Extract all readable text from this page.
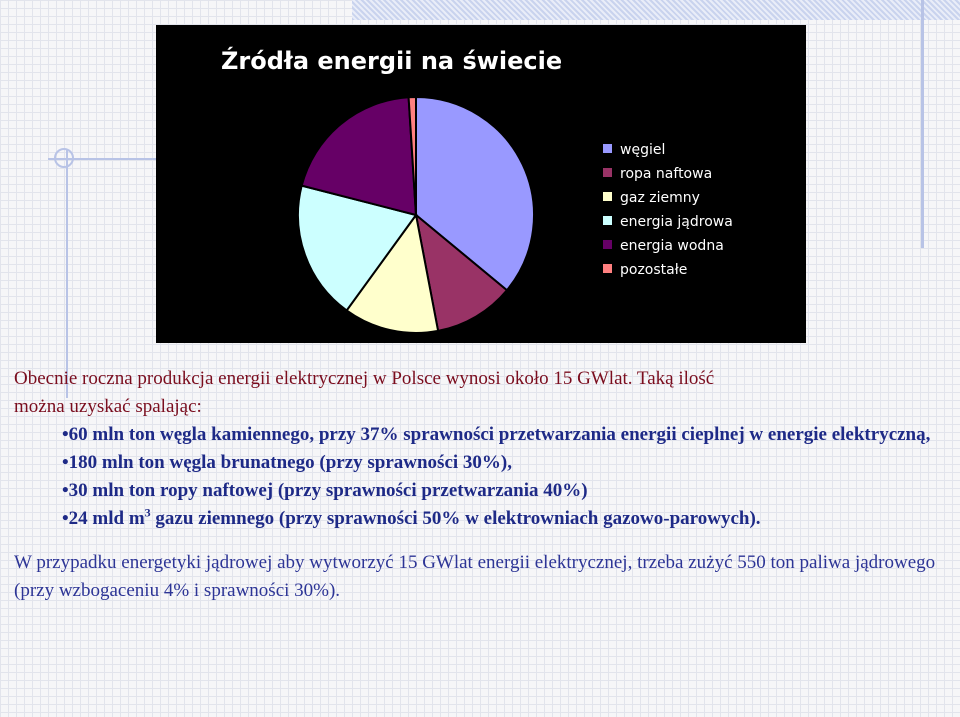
Źródła energii na świecie
węgiel
ropa naftowa
gaz ziemny
energia jądrowa
energia wodna
pozostałe

Obecnie roczna produkcja energii elektrycznej w Polsce wynosi około 15 GWlat. Taką ilość

można uzyskać spalając:

• 60 mln ton węgla kamiennego, przy 37% sprawności przetwarzania energii cieplnej w energie elektryczną,
• 180 mln ton węgla brunatnego (przy sprawności 30%),
• 30 mln ton ropy naftowej (przy sprawności przetwarzania 40%)
• 24 mld $m^3$ gazu ziemnego (przy sprawności 50% w elektrowniach gazowo-parowych).

W przypadku energetyki jądrowej aby wytworzyć 15 GWlat energii elektrycznej, trzeba zużyć 550 ton paliwa jądrowego (przy wzbogaceniu 4% i sprawności 30%).
